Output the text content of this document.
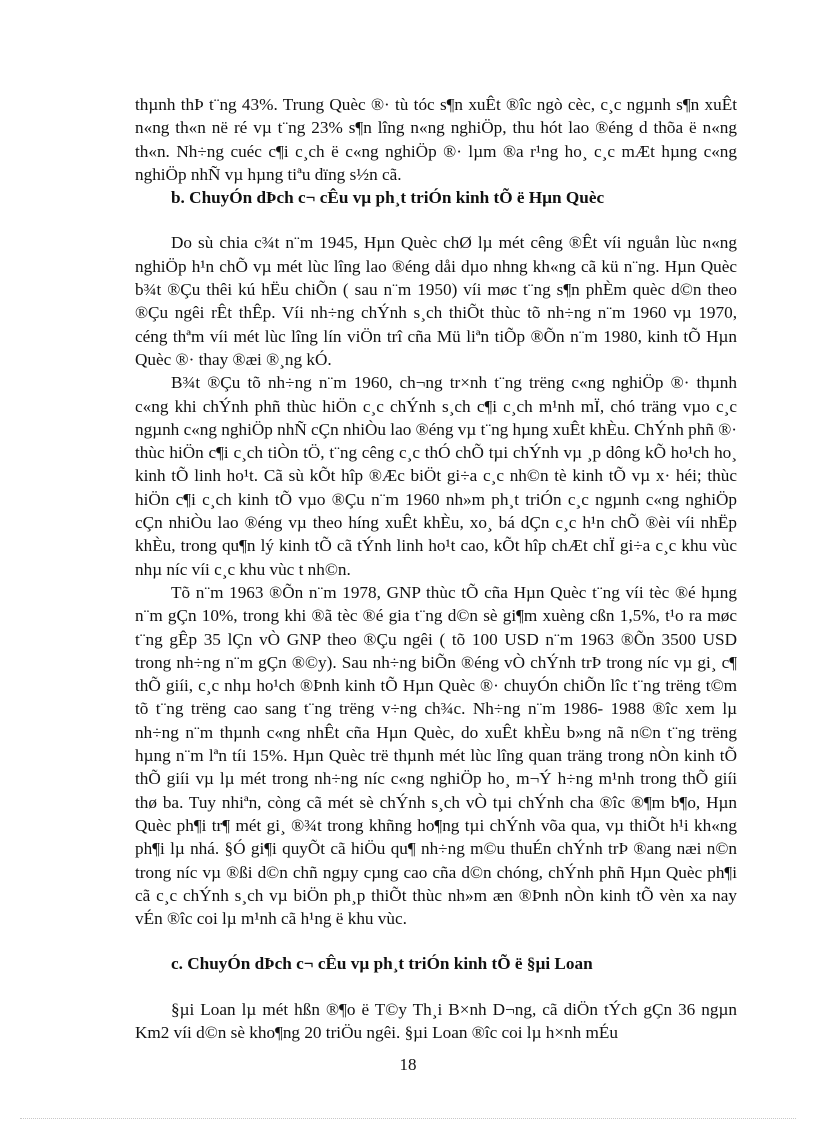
thµnh thÞ t¨ng 43%. Trung Quèc ®· tù tóc s¶n xuÊt ®îc ngò cèc, c¸c ngµnh s¶n xuÊt n«ng th«n në ré vµ t¨ng 23% s¶n lîng n«ng nghiÖp, thu hót lao ®éng d thõa ë n«ng th«n. Nh÷ng cuéc c¶i c¸ch ë c«ng nghiÖp ®· lµm ®a r¹ng ho¸ c¸c mÆt hµng c«ng nghiÖp nhÑ vµ hµng tiªu dïng s½n cã.

b. ChuyÓn dÞch c¬ cÊu vµ ph¸t triÓn kinh tÕ ë Hµn Quèc

Do sù chia c¾t n¨m 1945, Hµn Quèc chØ lµ mét cêng ®Êt víi nguån lùc n«ng nghiÖp h¹n chÕ vµ mét lùc lîng lao ®éng dåi dµo nhng kh«ng cã kü n¨ng. Hµn Quèc b¾t ®Çu thêi kú hËu chiÕn ( sau n¨m 1950) víi møc t¨ng s¶n phÈm quèc d©n theo ®Çu ngêi rÊt thÊp. Víi nh÷ng chÝnh s¸ch thiÕt thùc tõ nh÷ng n¨m 1960 vµ 1970, céng thªm víi mét lùc lîng lín viÖn trî cña Mü liªn tiÕp ®Õn n¨m 1980, kinh tÕ Hµn Quèc ®· thay ®æi ®¸ng kÓ.

B¾t ®Çu tõ nh÷ng n¨m 1960, ch¬ng tr×nh t¨ng trëng c«ng nghiÖp ®· thµnh c«ng khi chÝnh phñ thùc hiÖn c¸c chÝnh s¸ch c¶i c¸ch m¹nh mÏ, chó träng vµo c¸c ngµnh c«ng nghiÖp nhÑ cÇn nhiÒu lao ®éng vµ t¨ng hµng xuÊt khÈu. ChÝnh phñ ®· thùc hiÖn c¶i c¸ch tiÒn tÖ, t¨ng cêng c¸c thÓ chÕ tµi chÝnh vµ ¸p dông kÕ ho¹ch ho¸ kinh tÕ linh ho¹t. Cã sù kÕt hîp ®Æc biÖt gi÷a c¸c nh©n tè kinh tÕ vµ x· héi; thùc hiÖn c¶i c¸ch kinh tÕ vµo ®Çu n¨m 1960 nh»m ph¸t triÓn c¸c ngµnh c«ng nghiÖp cÇn nhiÒu lao ®éng vµ theo híng xuÊt khÈu, xo¸ bá dÇn c¸c h¹n chÕ ®èi víi nhËp khÈu, trong qu¶n lý kinh tÕ cã tÝnh linh ho¹t cao, kÕt hîp chÆt chÏ gi÷a c¸c khu vùc nhµ níc víi c¸c khu vùc t nh©n.

Tõ n¨m 1963 ®Õn n¨m 1978, GNP thùc tÕ cña Hµn Quèc t¨ng víi tèc ®é hµng n¨m gÇn 10%, trong khi ®ã tèc ®é gia t¨ng d©n sè gi¶m xuèng cßn 1,5%, t¹o ra møc t¨ng gÊp 35 lÇn vÒ GNP theo ®Çu ngêi ( tõ 100 USD n¨m 1963 ®Õn 3500 USD trong nh÷ng n¨m gÇn ®©y). Sau nh÷ng biÕn ®éng vÒ chÝnh trÞ trong níc vµ gi¸ c¶ thÕ giíi, c¸c nhµ ho¹ch ®Þnh kinh tÕ Hµn Quèc ®· chuyÓn chiÕn lîc t¨ng trëng t©m tõ t¨ng trëng cao sang t¨ng trëng v÷ng ch¾c. Nh÷ng n¨m 1986- 1988 ®îc xem lµ nh÷ng n¨m thµnh c«ng nhÊt cña Hµn Quèc, do xuÊt khÈu b»ng nã n©n t¨ng trëng hµng n¨m lªn tíi 15%. Hµn Quèc trë thµnh mét lùc lîng quan träng trong nÒn kinh tÕ thÕ giíi vµ lµ mét trong nh÷ng níc c«ng nghiÖp ho¸ m¬Ý h÷ng m¹nh trong thÕ giíi thø ba. Tuy nhiªn, còng cã mét sè chÝnh s¸ch vÒ tµi chÝnh cha ®îc ®¶m b¶o, Hµn Quèc ph¶i tr¶ mét gi¸ ®¾t trong khñng ho¶ng tµi chÝnh võa qua, vµ thiÕt h¹i kh«ng ph¶i lµ nhá. §Ó gi¶i quyÕt cã hiÖu qu¶ nh÷ng m©u thuÉn chÝnh trÞ ®ang næi n©n trong níc vµ ®ßi d©n chñ ngµy cµng cao cña d©n chóng, chÝnh phñ Hµn Quèc ph¶i cã c¸c chÝnh s¸ch vµ biÖn ph¸p thiÕt thùc nh»m æn ®Þnh nÒn kinh tÕ vèn xa nay vÉn ®îc coi lµ m¹nh cã h¹ng ë khu vùc.

c. ChuyÓn dÞch c¬ cÊu vµ ph¸t triÓn kinh tÕ ë §µi Loan

§µi Loan lµ mét hßn ®¶o ë T©y Th¸i B×nh D¬ng, cã diÖn tÝch gÇn 36 ngµn Km2 víi d©n sè kho¶ng 20 triÖu ngêi. §µi Loan ®îc coi lµ h×nh mÉu

18
